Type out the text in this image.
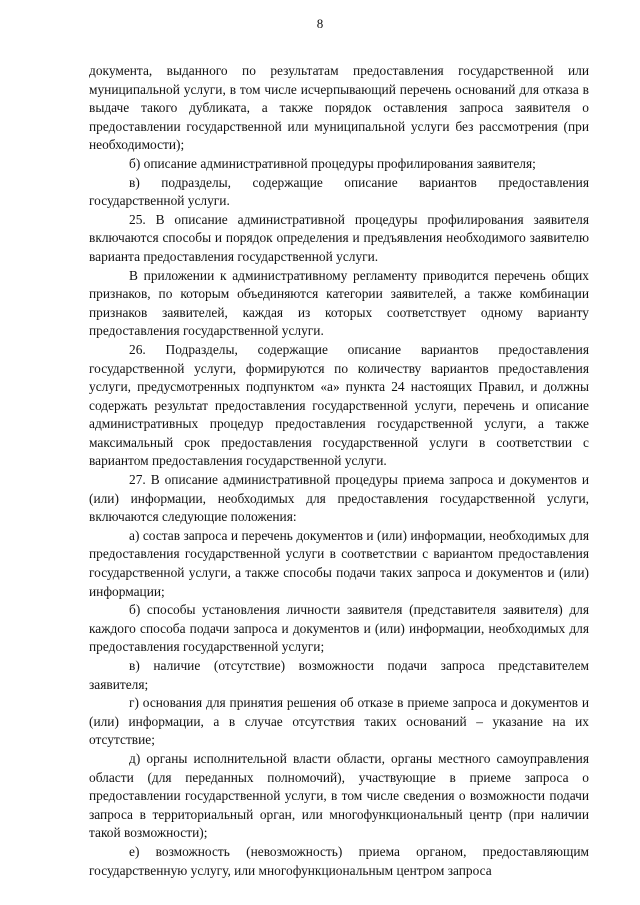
8

документа, выданного по результатам предоставления государственной или муниципальной услуги, в том числе исчерпывающий перечень оснований для отказа в выдаче такого дубликата, а также порядок оставления запроса заявителя о предоставлении государственной или муниципальной услуги без рассмотрения (при необходимости);

б) описание административной процедуры профилирования заявителя;

в) подразделы, содержащие описание вариантов предоставления государственной услуги.

25. В описание административной процедуры профилирования заявителя включаются способы и порядок определения и предъявления необходимого заявителю варианта предоставления государственной услуги.

В приложении к административному регламенту приводится перечень общих признаков, по которым объединяются категории заявителей, а также комбинации признаков заявителей, каждая из которых соответствует одному варианту предоставления государственной услуги.

26. Подразделы, содержащие описание вариантов предоставления государственной услуги, формируются по количеству вариантов предоставления услуги, предусмотренных подпунктом «а» пункта 24 настоящих Правил, и должны содержать результат предоставления государственной услуги, перечень и описание административных процедур предоставления государственной услуги, а также максимальный срок предоставления государственной услуги в соответствии с вариантом предоставления государственной услуги.

27. В описание административной процедуры приема запроса и документов и (или) информации, необходимых для предоставления государственной услуги, включаются следующие положения:

а) состав запроса и перечень документов и (или) информации, необходимых для предоставления государственной услуги в соответствии с вариантом предоставления государственной услуги, а также способы подачи таких запроса и документов и (или) информации;

б) способы установления личности заявителя (представителя заявителя) для каждого способа подачи запроса и документов и (или) информации, необходимых для предоставления государственной услуги;

в) наличие (отсутствие) возможности подачи запроса представителем заявителя;

г) основания для принятия решения об отказе в приеме запроса и документов и (или) информации, а в случае отсутствия таких оснований – указание на их отсутствие;

д) органы исполнительной власти области, органы местного самоуправления области (для переданных полномочий), участвующие в приеме запроса о предоставлении государственной услуги, в том числе сведения о возможности подачи запроса в территориальный орган, или многофункциональный центр (при наличии такой возможности);

е) возможность (невозможность) приема органом, предоставляющим государственную услугу, или многофункциональным центром запроса
